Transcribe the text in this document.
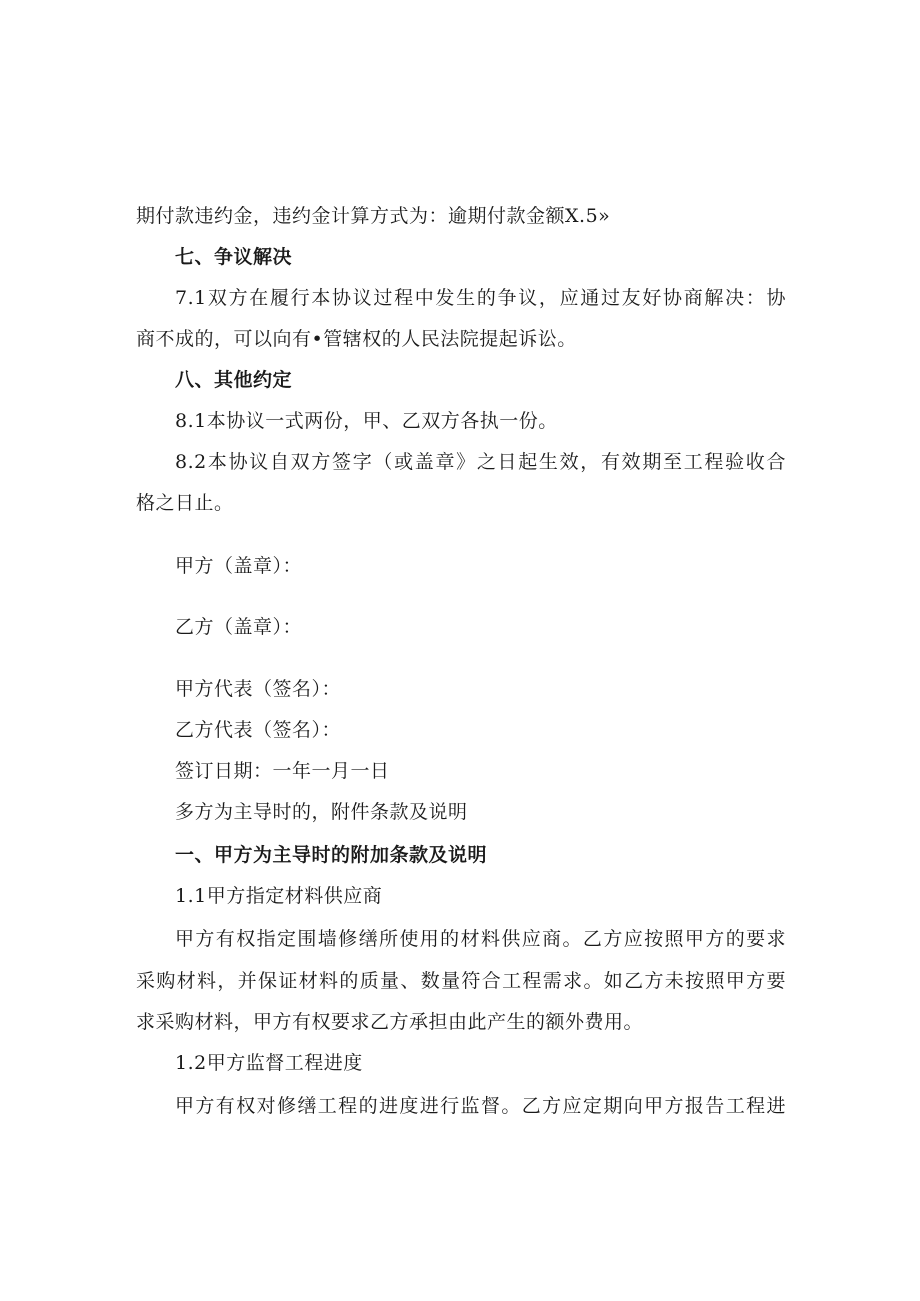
期付款违约金，违约金计算方式为：逾期付款金额X.5»
七、争议解决
7.1双方在履行本协议过程中发生的争议，应通过友好协商解决：协
商不成的，可以向有•管辖权的人民法院提起诉讼。
八、其他约定
8.1本协议一式两份，甲、乙双方各执一份。
8.2本协议自双方签字（或盖章》之日起生效，有效期至工程验收合
格之日止。
甲方（盖章）：
乙方（盖章）：
甲方代表（签名）：
乙方代表（签名）：
签订日期：一年一月一日
多方为主导时的，附件条款及说明
一、甲方为主导时的附加条款及说明
1.1甲方指定材料供应商
甲方有权指定围墙修缮所使用的材料供应商。乙方应按照甲方的要求
采购材料，并保证材料的质量、数量符合工程需求。如乙方未按照甲方要
求采购材料，甲方有权要求乙方承担由此产生的额外费用。
1.2甲方监督工程进度
甲方有权对修缮工程的进度进行监督。乙方应定期向甲方报告工程进
